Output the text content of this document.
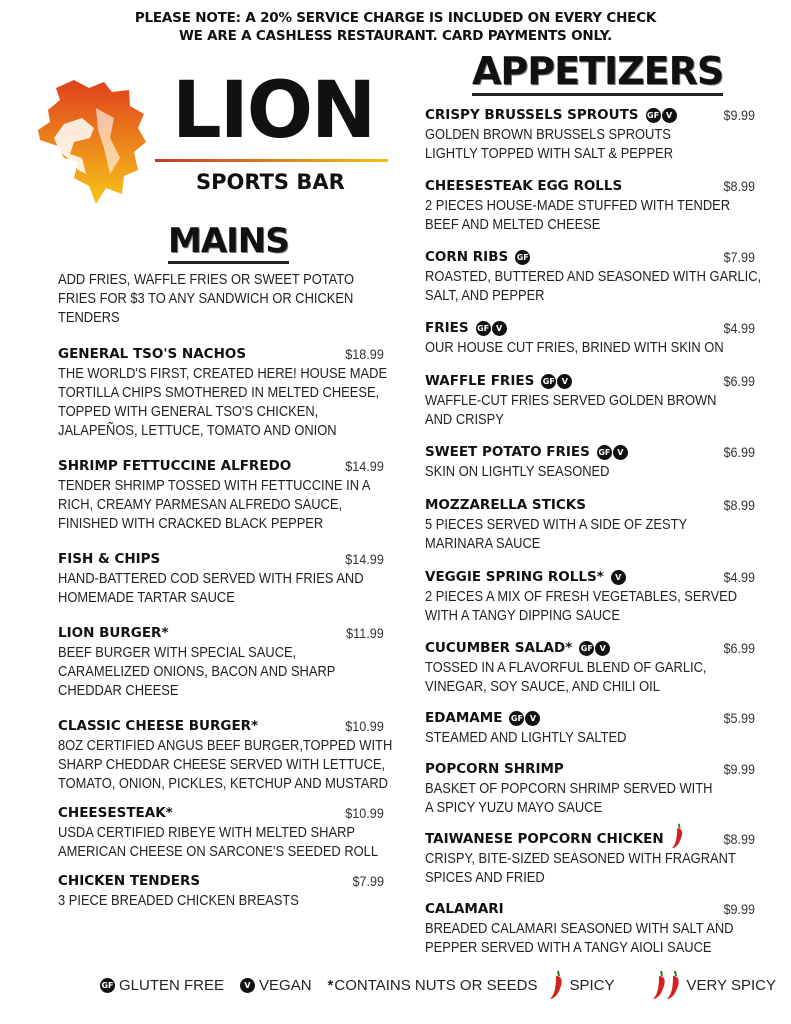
PLEASE NOTE: A 20% SERVICE CHARGE IS INCLUDED ON EVERY CHECK
WE ARE A CASHLESS RESTAURANT. CARD PAYMENTS ONLY.
LION
SPORTS BAR
MAINS
APPETIZERS
ADD FRIES, WAFFLE FRIES OR SWEET POTATO
FRIES FOR $3 TO ANY SANDWICH OR CHICKEN
TENDERS
GENERAL TSO'S NACHOS	$18.99
THE WORLD'S FIRST, CREATED HERE! HOUSE MADE
TORTILLA CHIPS SMOTHERED IN MELTED CHEESE,
TOPPED WITH GENERAL TSO'S CHICKEN,
JALAPEÑOS, LETTUCE, TOMATO AND ONION
SHRIMP FETTUCCINE ALFREDO	$14.99
TENDER SHRIMP TOSSED WITH FETTUCCINE IN A
RICH, CREAMY PARMESAN ALFREDO SAUCE,
FINISHED WITH CRACKED BLACK PEPPER
FISH & CHIPS	$14.99
HAND-BATTERED COD SERVED WITH FRIES AND
HOMEMADE TARTAR SAUCE
LION BURGER*	$11.99
BEEF BURGER WITH SPECIAL SAUCE,
CARAMELIZED ONIONS, BACON AND SHARP
CHEDDAR CHEESE
CLASSIC CHEESE BURGER*	$10.99
8OZ CERTIFIED ANGUS BEEF BURGER,TOPPED WITH
SHARP CHEDDAR CHEESE SERVED WITH LETTUCE,
TOMATO, ONION, PICKLES, KETCHUP AND MUSTARD
CHEESESTEAK*	$10.99
USDA CERTIFIED RIBEYE WITH MELTED SHARP
AMERICAN CHEESE ON SARCONE'S SEEDED ROLL
CHICKEN TENDERS	$7.99
3 PIECE BREADED CHICKEN BREASTS
CRISPY BRUSSELS SPROUTS GF V	$9.99
GOLDEN BROWN BRUSSELS SPROUTS
LIGHTLY TOPPED WITH SALT & PEPPER
CHEESESTEAK EGG ROLLS	$8.99
2 PIECES HOUSE-MADE STUFFED WITH TENDER
BEEF AND MELTED CHEESE
CORN RIBS GF	$7.99
ROASTED, BUTTERED AND SEASONED WITH GARLIC,
SALT, AND PEPPER
FRIES GF V	$4.99
OUR HOUSE CUT FRIES, BRINED WITH SKIN ON
WAFFLE FRIES GF V	$6.99
WAFFLE-CUT FRIES SERVED GOLDEN BROWN
AND CRISPY
SWEET POTATO FRIES GF V	$6.99
SKIN ON LIGHTLY SEASONED
MOZZARELLA STICKS	$8.99
5 PIECES SERVED WITH A SIDE OF ZESTY
MARINARA SAUCE
VEGGIE SPRING ROLLS*	V	$4.99
2 PIECES A MIX OF FRESH VEGETABLES, SERVED
WITH A TANGY DIPPING SAUCE
CUCUMBER SALAD* GF V	$6.99
TOSSED IN A FLAVORFUL BLEND OF GARLIC,
VINEGAR, SOY SAUCE, AND CHILI OIL
EDAMAME GF V	$5.99
STEAMED AND LIGHTLY SALTED
POPCORN SHRIMP	$9.99
BASKET OF POPCORN SHRIMP SERVED WITH
A SPICY YUZU MAYO SAUCE
TAIWANESE POPCORN CHICKEN	$8.99
CRISPY, BITE-SIZED SEASONED WITH FRAGRANT
SPICES AND FRIED
CALAMARI	$9.99
BREADED CALAMARI SEASONED WITH SALT AND
PEPPER SERVED WITH A TANGY AIOLI SAUCE
GF GLUTEN FREE	V VEGAN * CONTAINS NUTS OR SEEDS SPICY	VERY SPICY
